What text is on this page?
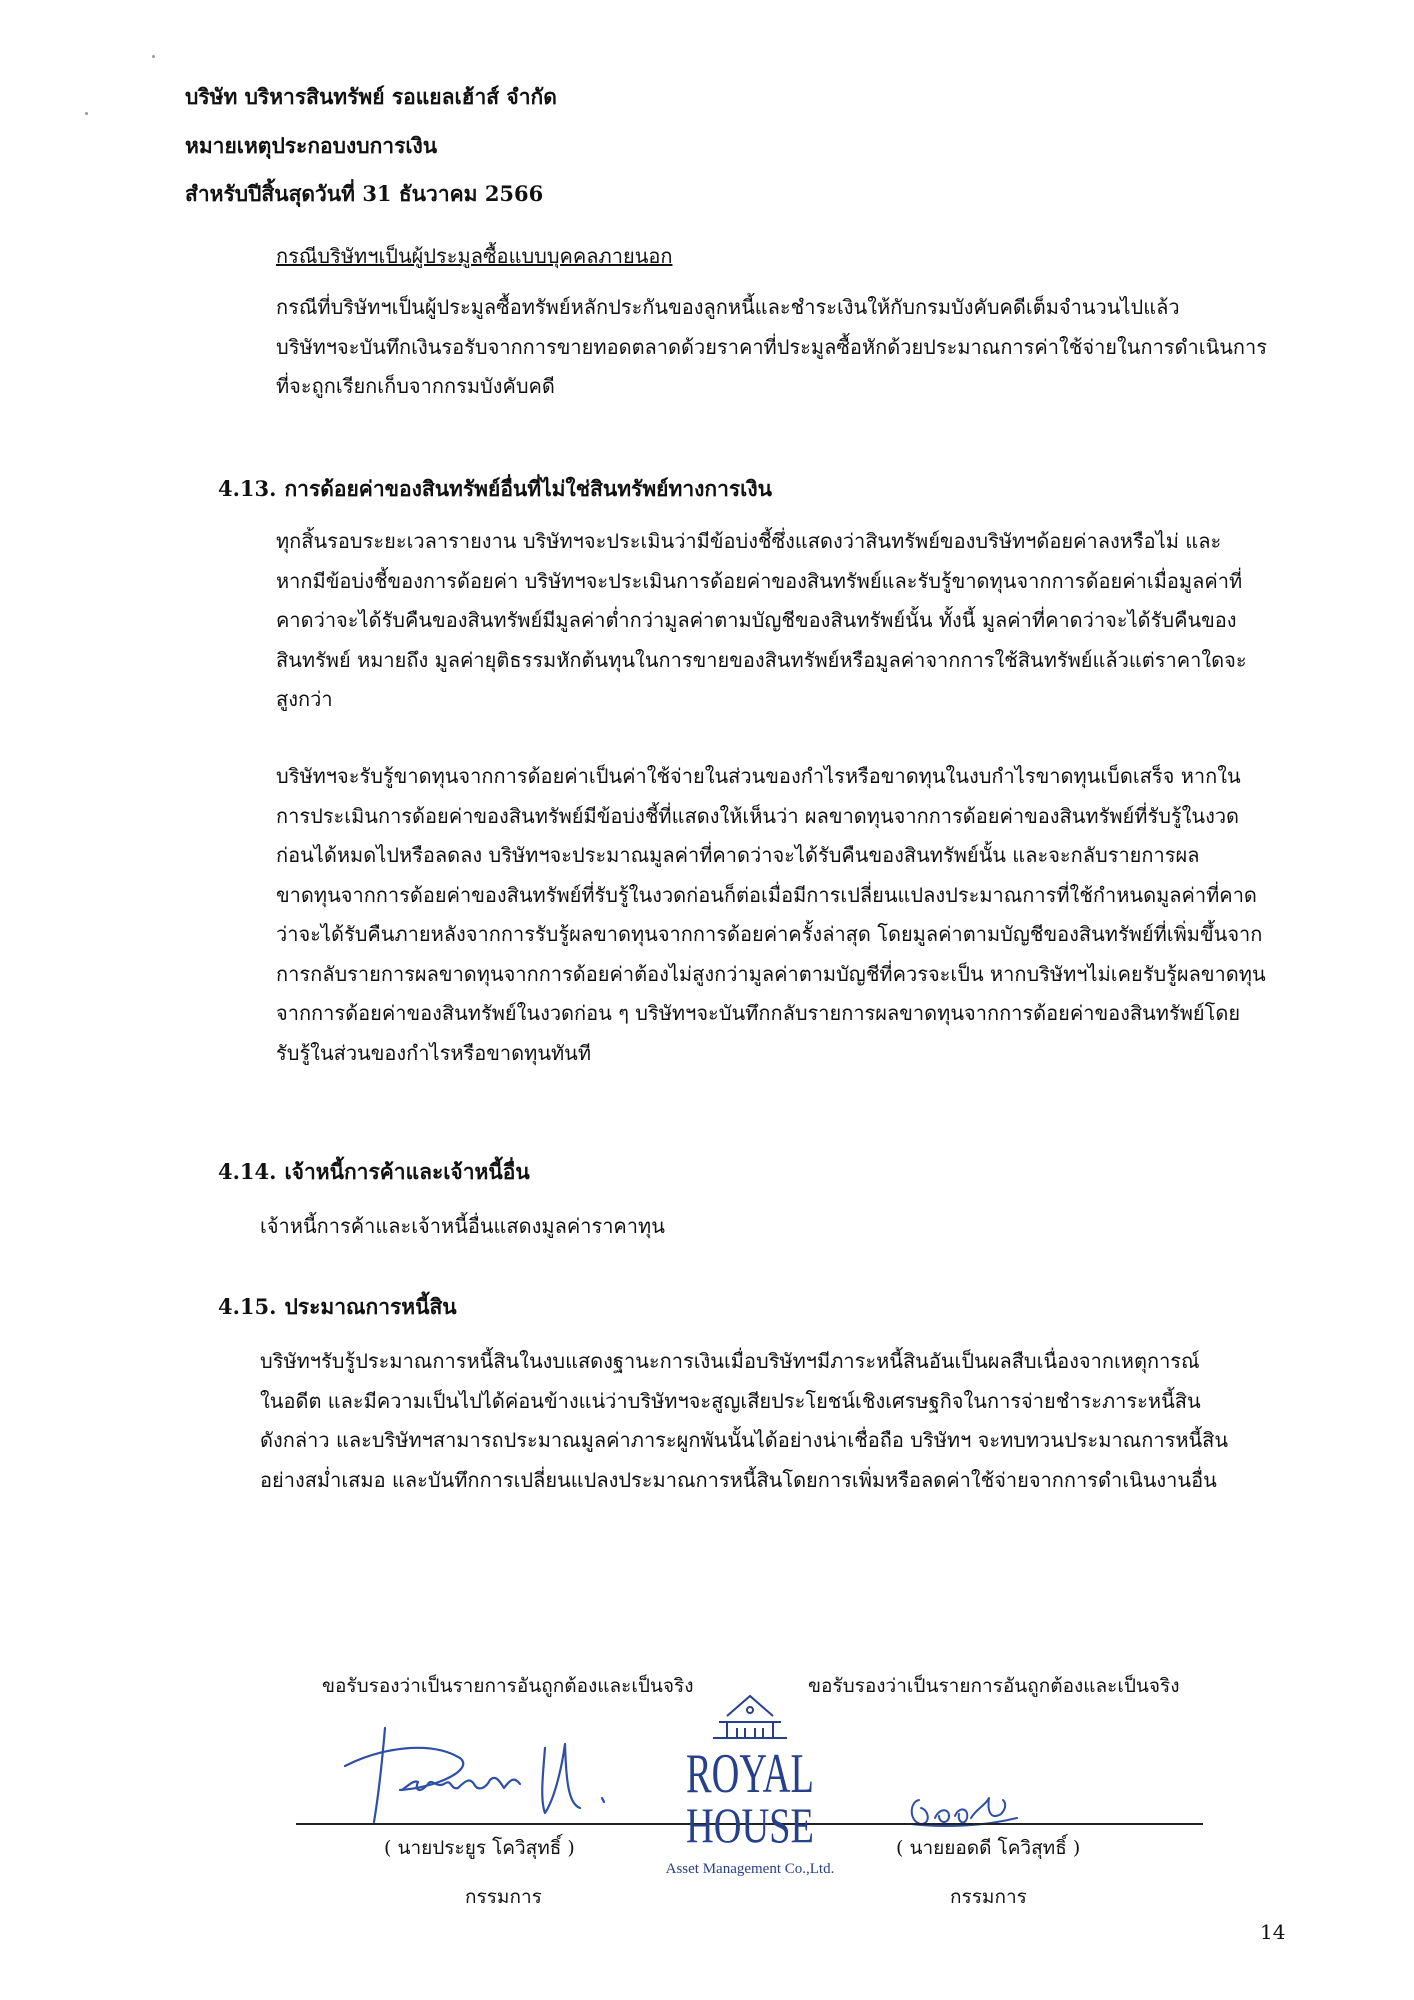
บริษัท บริหารสินทรัพย์ รอแยลเฮ้าส์ จำกัด
หมายเหตุประกอบงบการเงิน
สำหรับปีสิ้นสุดวันที่ 31 ธันวาคม 2566
กรณีบริษัทฯเป็นผู้ประมูลซื้อแบบบุคคลภายนอก
กรณีที่บริษัทฯเป็นผู้ประมูลซื้อทรัพย์หลักประกันของลูกหนี้และชำระเงินให้กับกรมบังคับคดีเต็มจำนวนไปแล้ว
บริษัทฯจะบันทึกเงินรอรับจากการขายทอดตลาดด้วยราคาที่ประมูลซื้อหักด้วยประมาณการค่าใช้จ่ายในการดำเนินการ
ที่จะถูกเรียกเก็บจากกรมบังคับคดี
4.13. การด้อยค่าของสินทรัพย์อื่นที่ไม่ใช่สินทรัพย์ทางการเงิน
ทุกสิ้นรอบระยะเวลารายงาน บริษัทฯจะประเมินว่ามีข้อบ่งชี้ซึ่งแสดงว่าสินทรัพย์ของบริษัทฯด้อยค่าลงหรือไม่ และ
หากมีข้อบ่งชี้ของการด้อยค่า บริษัทฯจะประเมินการด้อยค่าของสินทรัพย์และรับรู้ขาดทุนจากการด้อยค่าเมื่อมูลค่าที่
คาดว่าจะได้รับคืนของสินทรัพย์มีมูลค่าต่ำกว่ามูลค่าตามบัญชีของสินทรัพย์นั้น ทั้งนี้ มูลค่าที่คาดว่าจะได้รับคืนของ
สินทรัพย์ หมายถึง มูลค่ายุติธรรมหักต้นทุนในการขายของสินทรัพย์หรือมูลค่าจากการใช้สินทรัพย์แล้วแต่ราคาใดจะ
สูงกว่า
บริษัทฯจะรับรู้ขาดทุนจากการด้อยค่าเป็นค่าใช้จ่ายในส่วนของกำไรหรือขาดทุนในงบกำไรขาดทุนเบ็ดเสร็จ หากใน
การประเมินการด้อยค่าของสินทรัพย์มีข้อบ่งชี้ที่แสดงให้เห็นว่า ผลขาดทุนจากการด้อยค่าของสินทรัพย์ที่รับรู้ในงวด
ก่อนได้หมดไปหรือลดลง บริษัทฯจะประมาณมูลค่าที่คาดว่าจะได้รับคืนของสินทรัพย์นั้น และจะกลับรายการผล
ขาดทุนจากการด้อยค่าของสินทรัพย์ที่รับรู้ในงวดก่อนก็ต่อเมื่อมีการเปลี่ยนแปลงประมาณการที่ใช้กำหนดมูลค่าที่คาด
ว่าจะได้รับคืนภายหลังจากการรับรู้ผลขาดทุนจากการด้อยค่าครั้งล่าสุด โดยมูลค่าตามบัญชีของสินทรัพย์ที่เพิ่มขึ้นจาก
การกลับรายการผลขาดทุนจากการด้อยค่าต้องไม่สูงกว่ามูลค่าตามบัญชีที่ควรจะเป็น หากบริษัทฯไม่เคยรับรู้ผลขาดทุน
จากการด้อยค่าของสินทรัพย์ในงวดก่อน ๆ บริษัทฯจะบันทึกกลับรายการผลขาดทุนจากการด้อยค่าของสินทรัพย์โดย
รับรู้ในส่วนของกำไรหรือขาดทุนทันที
4.14. เจ้าหนี้การค้าและเจ้าหนี้อื่น
เจ้าหนี้การค้าและเจ้าหนี้อื่นแสดงมูลค่าราคาทุน
4.15. ประมาณการหนี้สิน
บริษัทฯรับรู้ประมาณการหนี้สินในงบแสดงฐานะการเงินเมื่อบริษัทฯมีภาระหนี้สินอันเป็นผลสืบเนื่องจากเหตุการณ์
ในอดีต และมีความเป็นไปได้ค่อนข้างแน่ว่าบริษัทฯจะสูญเสียประโยชน์เชิงเศรษฐกิจในการจ่ายชำระภาระหนี้สิน
ดังกล่าว และบริษัทฯสามารถประมาณมูลค่าภาระผูกพันนั้นได้อย่างน่าเชื่อถือ บริษัทฯ จะทบทวนประมาณการหนี้สิน
อย่างสม่ำเสมอ และบันทึกการเปลี่ยนแปลงประมาณการหนี้สินโดยการเพิ่มหรือลดค่าใช้จ่ายจากการดำเนินงานอื่น
ขอรับรองว่าเป็นรายการอันถูกต้องและเป็นจริง	ขอรับรองว่าเป็นรายการอันถูกต้องและเป็นจริง
ROYAL
HOUSE
Asset Management Co.,Ltd.
( นายประยูร โควิสุทธิ์ )	( นายยอดดี โควิสุทธิ์ )
กรรมการ	กรรมการ
14
